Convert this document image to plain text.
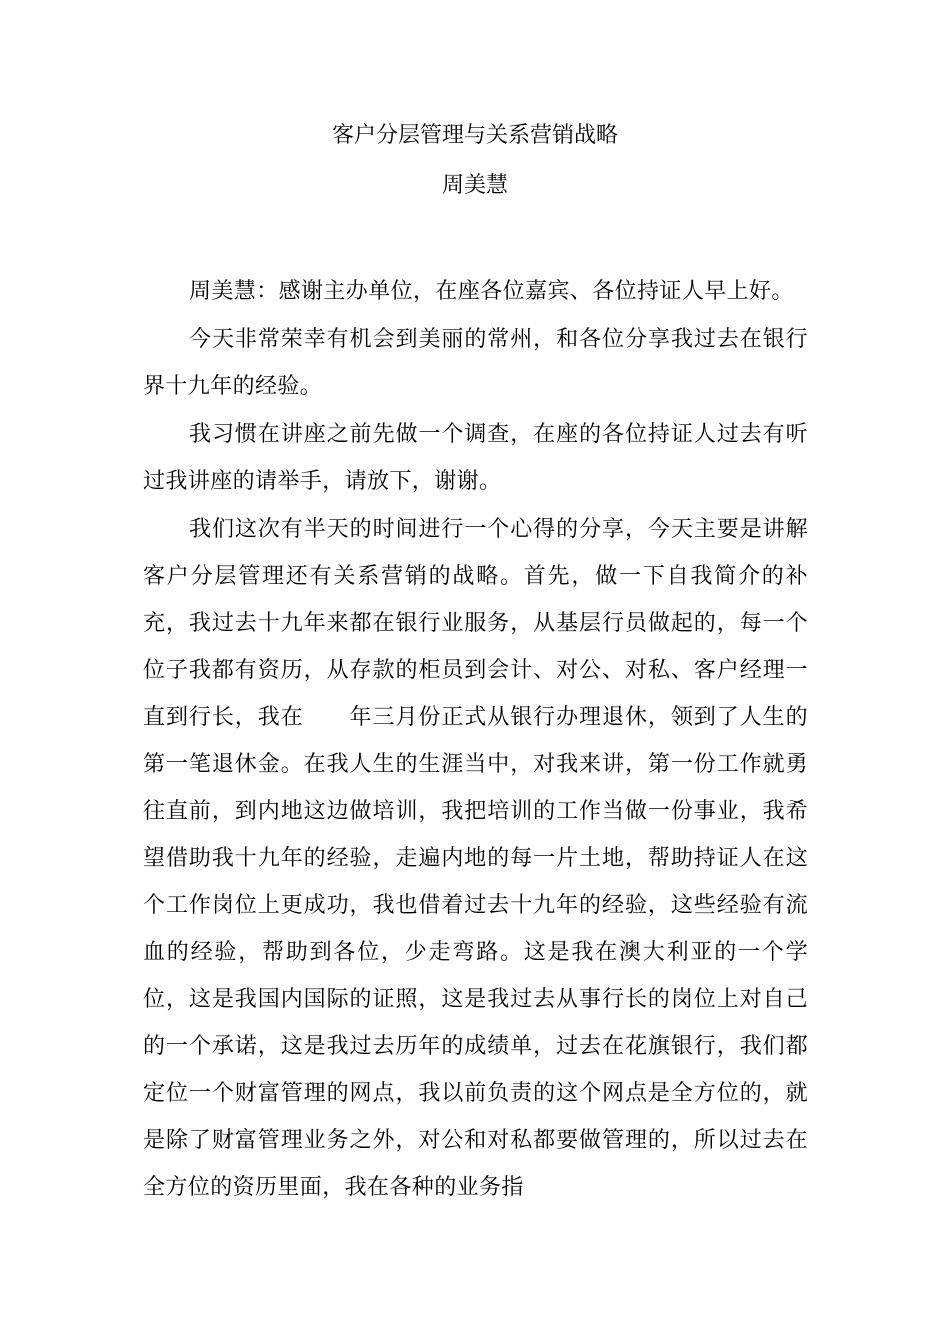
客户分层管理与关系营销战略
周美慧

周美慧：感谢主办单位，在座各位嘉宾、各位持证人早上好。

今天非常荣幸有机会到美丽的常州，和各位分享我过去在银行界十九年的经验。

我习惯在讲座之前先做一个调查，在座的各位持证人过去有听过我讲座的请举手，请放下，谢谢。

我们这次有半天的时间进行一个心得的分享，今天主要是讲解客户分层管理还有关系营销的战略。首先，做一下自我简介的补充，我过去十九年来都在银行业服务，从基层行员做起的，每一个位子我都有资历，从存款的柜员到会计、对公、对私、客户经理一直到行长，我在　　年三月份正式从银行办理退休，领到了人生的第一笔退休金。在我人生的生涯当中，对我来讲，第一份工作就勇往直前，到内地这边做培训，我把培训的工作当做一份事业，我希望借助我十九年的经验，走遍内地的每一片土地，帮助持证人在这个工作岗位上更成功，我也借着过去十九年的经验，这些经验有流血的经验，帮助到各位，少走弯路。这是我在澳大利亚的一个学位，这是我国内国际的证照，这是我过去从事行长的岗位上对自己的一个承诺，这是我过去历年的成绩单，过去在花旗银行，我们都定位一个财富管理的网点，我以前负责的这个网点是全方位的，就是除了财富管理业务之外，对公和对私都要做管理的，所以过去在全方位的资历里面，我在各种的业务指
